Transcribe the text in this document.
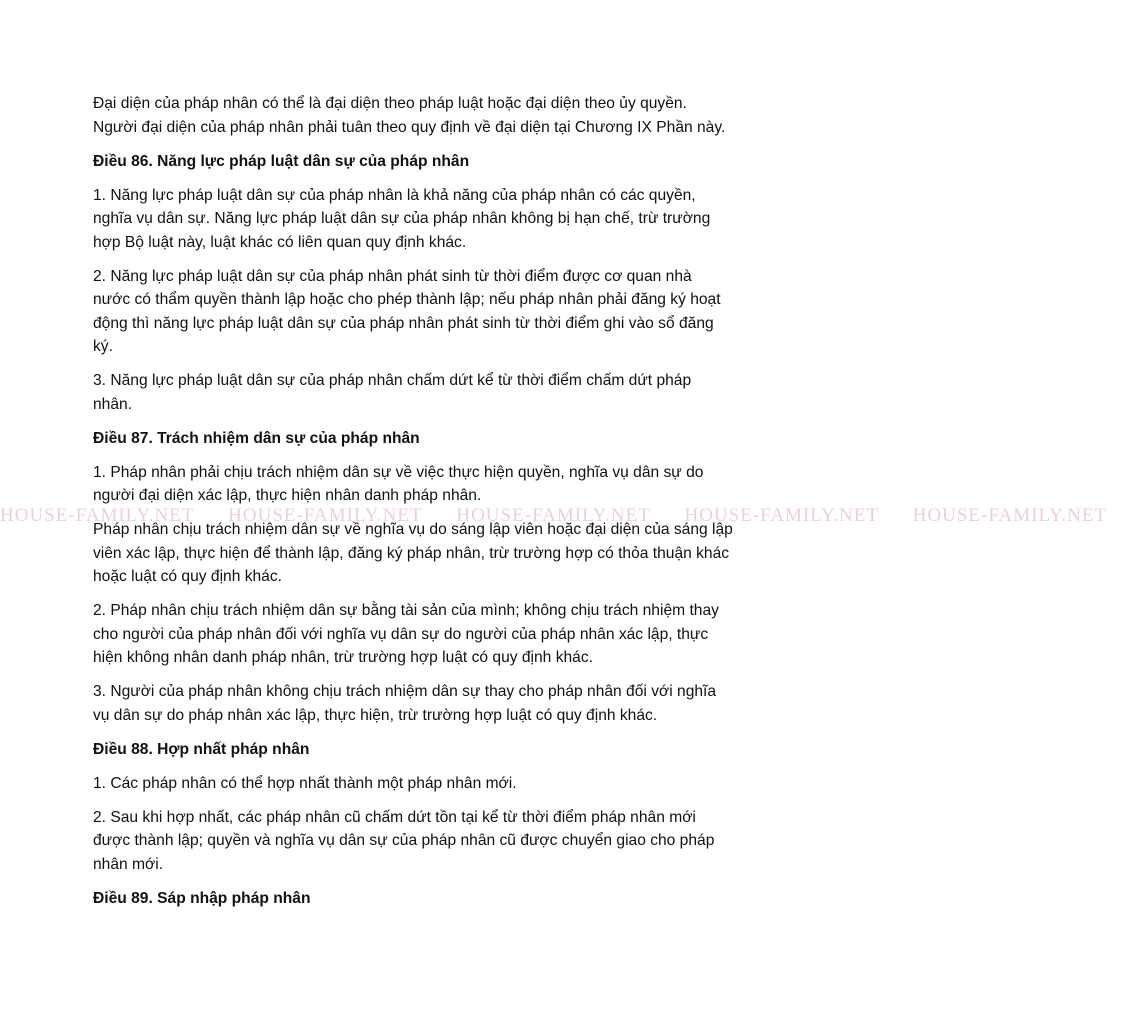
Đại diện của pháp nhân có thể là đại diện theo pháp luật hoặc đại diện theo ủy quyền. Người đại diện của pháp nhân phải tuân theo quy định về đại diện tại Chương IX Phần này.

Điều 86. Năng lực pháp luật dân sự của pháp nhân

1. Năng lực pháp luật dân sự của pháp nhân là khả năng của pháp nhân có các quyền, nghĩa vụ dân sự. Năng lực pháp luật dân sự của pháp nhân không bị hạn chế, trừ trường hợp Bộ luật này, luật khác có liên quan quy định khác.

2. Năng lực pháp luật dân sự của pháp nhân phát sinh từ thời điểm được cơ quan nhà nước có thẩm quyền thành lập hoặc cho phép thành lập; nếu pháp nhân phải đăng ký hoạt động thì năng lực pháp luật dân sự của pháp nhân phát sinh từ thời điểm ghi vào sổ đăng ký.

3. Năng lực pháp luật dân sự của pháp nhân chấm dứt kể từ thời điểm chấm dứt pháp nhân.

Điều 87. Trách nhiệm dân sự của pháp nhân

1. Pháp nhân phải chịu trách nhiệm dân sự về việc thực hiện quyền, nghĩa vụ dân sự do người đại diện xác lập, thực hiện nhân danh pháp nhân.

Pháp nhân chịu trách nhiệm dân sự về nghĩa vụ do sáng lập viên hoặc đại diện của sáng lập viên xác lập, thực hiện để thành lập, đăng ký pháp nhân, trừ trường hợp có thỏa thuận khác hoặc luật có quy định khác.

2. Pháp nhân chịu trách nhiệm dân sự bằng tài sản của mình; không chịu trách nhiệm thay cho người của pháp nhân đối với nghĩa vụ dân sự do người của pháp nhân xác lập, thực hiện không nhân danh pháp nhân, trừ trường hợp luật có quy định khác.

3. Người của pháp nhân không chịu trách nhiệm dân sự thay cho pháp nhân đối với nghĩa vụ dân sự do pháp nhân xác lập, thực hiện, trừ trường hợp luật có quy định khác.

Điều 88. Hợp nhất pháp nhân

1. Các pháp nhân có thể hợp nhất thành một pháp nhân mới.

2. Sau khi hợp nhất, các pháp nhân cũ chấm dứt tồn tại kể từ thời điểm pháp nhân mới được thành lập; quyền và nghĩa vụ dân sự của pháp nhân cũ được chuyển giao cho pháp nhân mới.

Điều 89. Sáp nhập pháp nhân

HOUSE-FAMILY.NET HOUSE-FAMILY.NET HOUSE-FAMILY.NET HOUSE-FAMILY.NET HOUSE-FAMILY.NET
